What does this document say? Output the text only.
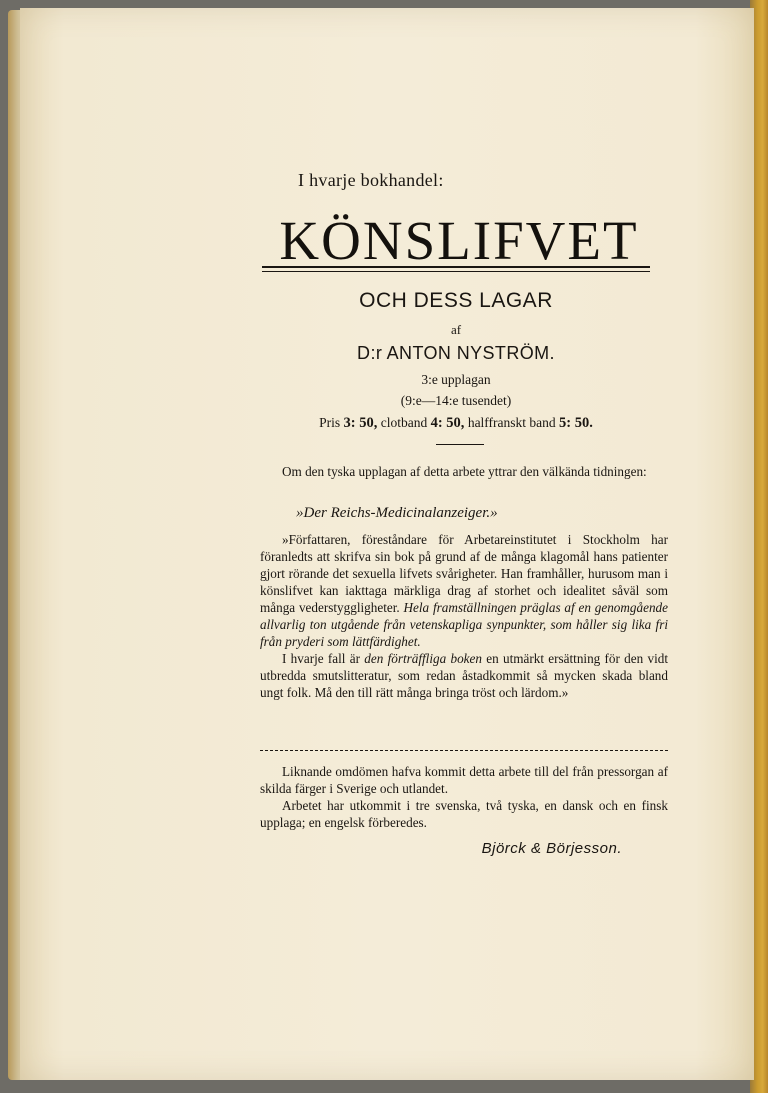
I hvarje bokhandel:
KÖNSLIFVET
OCH DESS LAGAR
af
D:r ANTON NYSTRÖM.
3:e upplagan
(9:e—14:e tusendet)
Pris 3: 50, clotband 4: 50, halffranskt band 5: 50.

Om den tyska upplagan af detta arbete yttrar den välkända tidningen:

»Der Reichs-Medicinalanzeiger.»

»Författaren, föreståndare för Arbetareinstitutet i Stockholm har föranledts att skrifva sin bok på grund af de många klagomål hans patienter gjort rörande det sexuella lifvets svårigheter. Han framhåller, hurusom man i könslifvet kan iakttaga märkliga drag af storhet och idealitet såväl som många vederstyggligheter. Hela framställningen präglas af en genomgående allvarlig ton utgående från vetenskapliga synpunkter, som håller sig lika fri från pryderi som lättfärdighet.

I hvarje fall är den förträffliga boken en utmärkt ersättning för den vidt utbredda smutslitteratur, som redan åstadkommit så mycken skada bland ungt folk. Må den till rätt många bringa tröst och lärdom.»

Liknande omdömen hafva kommit detta arbete till del från pressorgan af skilda färger i Sverige och utlandet.

Arbetet har utkommit i tre svenska, två tyska, en dansk och en finsk upplaga; en engelsk förberedes.

Björck & Börjesson.
